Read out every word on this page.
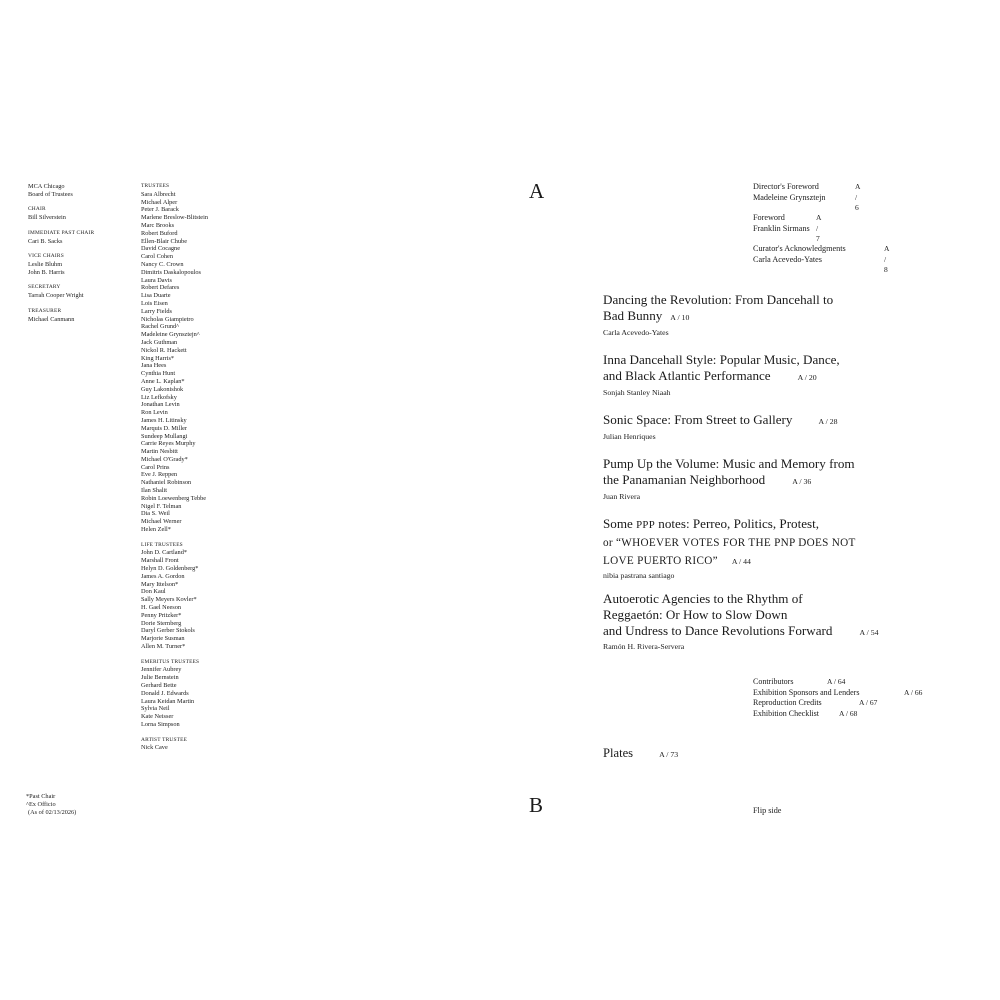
MCA Chicago
Board of Trustees
CHAIR
Bill Silverstein
IMMEDIATE PAST CHAIR
Cari B. Sacks
VICE CHAIRS
Leslie Bluhm
John B. Harris
SECRETARY
Tarrah Cooper Wright
TREASURER
Michael Canmann
TRUSTEES
Sara Albrecht
Michael Alper
Peter J. Barack
Marlene Breslow-Blitstein
Marc Brooks
Robert Buford
Ellen-Blair Chube
David Cocagne
Carol Cohen
Nancy C. Crown
Dimitris Daskalopoulos
Laura Davis
Robert Defares
Lisa Duarte
Lois Eisen
Larry Fields
Nicholas Giampietro
Rachel Grund^
Madeleine Grynsztejn^
Jack Guthman
Nickol R. Hackett
King Harris*
Jana Hees
Cynthia Hunt
Anne L. Kaplan*
Guy Lakonishok
Liz Lefkofsky
Jonathan Levin
Ron Levin
James H. Litinsky
Marquis D. Miller
Sundeep Mullangi
Carrie Reyes Murphy
Martin Nesbitt
Michael O'Grady*
Carol Prins
Eve J. Reppen
Nathaniel Robinson
Ilan Shalit
Robin Loewenberg Tebbe
Nigel F. Telman
Dia S. Weil
Michael Werner
Helen Zell*
LIFE TRUSTEES
John D. Cartland*
Marshall Front
Helyn D. Goldenberg*
James A. Gordon
Mary Ittelson*
Don Kaul
Sally Meyers Kovler*
H. Gael Neeson
Penny Pritzker*
Dorie Sternberg
Daryl Gerber Stokols
Marjorie Susman
Allen M. Turner*
EMERITUS TRUSTEES
Jennifer Aubrey
Julie Bernstein
Gerhard Bette
Donald J. Edwards
Laura Keidan Martin
Sylvia Neil
Kate Neisser
Lorna Simpson
ARTIST TRUSTEE
Nick Cave
*Past Chair
^Ex Officio
(As of 02/13/2026)
A
B
Director's Foreword	A / 6
Madeleine Grynsztejn
Foreword	A / 7
Franklin Sirmans
Curator's Acknowledgments	A / 8
Carla Acevedo-Yates

Dancing the Revolution: From Dancehall to
Bad Bunny A / 10

Carla Acevedo-Yates

Inna Dancehall Style: Popular Music, Dance,
and Black Atlantic Performance	A / 20

Sonjah Stanley Niaah

Sonic Space: From Street to Gallery	A / 28

Julian Henriques

Pump Up the Volume: Music and Memory from
the Panamanian Neighborhood	A / 36

Juan Rivera

Some PPP notes: Perreo, Politics, Protest,
or “WHOEVER VOTES FOR THE PNP DOES NOT
LOVE PUERTO RICO” A / 44

nibia pastrana santiago

Autoerotic Agencies to the Rhythm of
Reggaetón: Or How to Slow Down
and Undress to Dance Revolutions Forward	A / 54

Ramón H. Rivera-Servera
Contributors	A / 64
Exhibition Sponsors and Lenders	A / 66
Reproduction Credits	A / 67
Exhibition Checklist	A / 68
Plates	A / 73
Flip side
